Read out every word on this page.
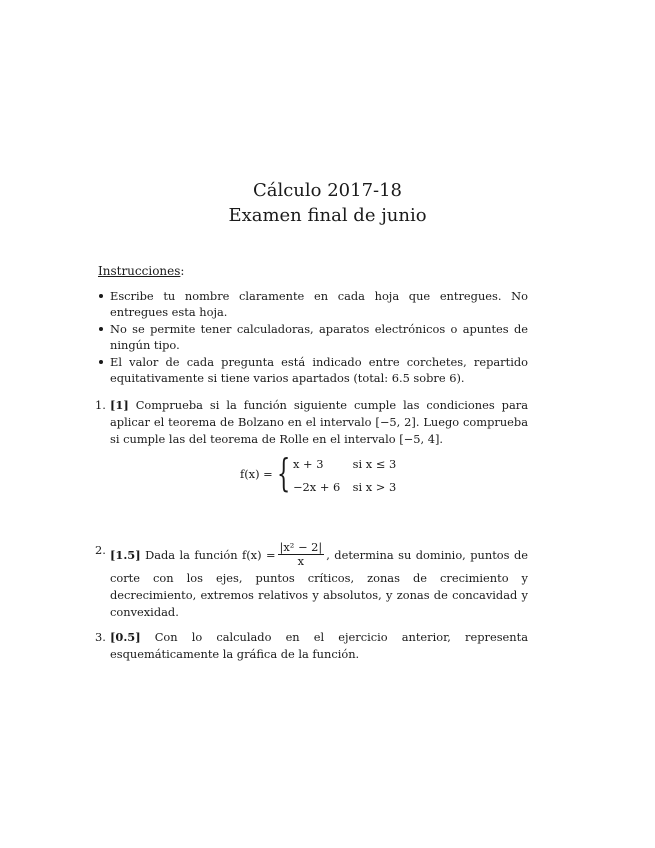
Cálculo 2017-18
Examen final de junio
Instrucciones:
Escribe tu nombre claramente en cada hoja que entregues. No entregues esta hoja.
No se permite tener calculadoras, aparatos electrónicos o apuntes de ningún tipo.
El valor de cada pregunta está indicado entre corchetes, repartido equitativamente si tiene varios apartados (total: 6.5 sobre 6).
1. [1] Comprueba si la función siguiente cumple las condiciones para aplicar el teorema de Bolzano en el intervalo [−5, 2]. Luego comprueba si cumple las del teorema de Rolle en el intervalo [−5, 4].
f(x) = { x + 3	si x ≤ 3
−2x + 6 si x > 3
2. [1.5] Dada la función $f(x) = \frac{\text{|x² − 2|}}{x}$ , determina su dominio, puntos de corte con los ejes, puntos críticos, zonas de crecimiento y decrecimiento, extremos relativos y absolutos, y zonas de concavidad y convexidad.
3. [0.5] Con lo calculado en el ejercicio anterior, representa esquemáticamente la gráfica de la función.
